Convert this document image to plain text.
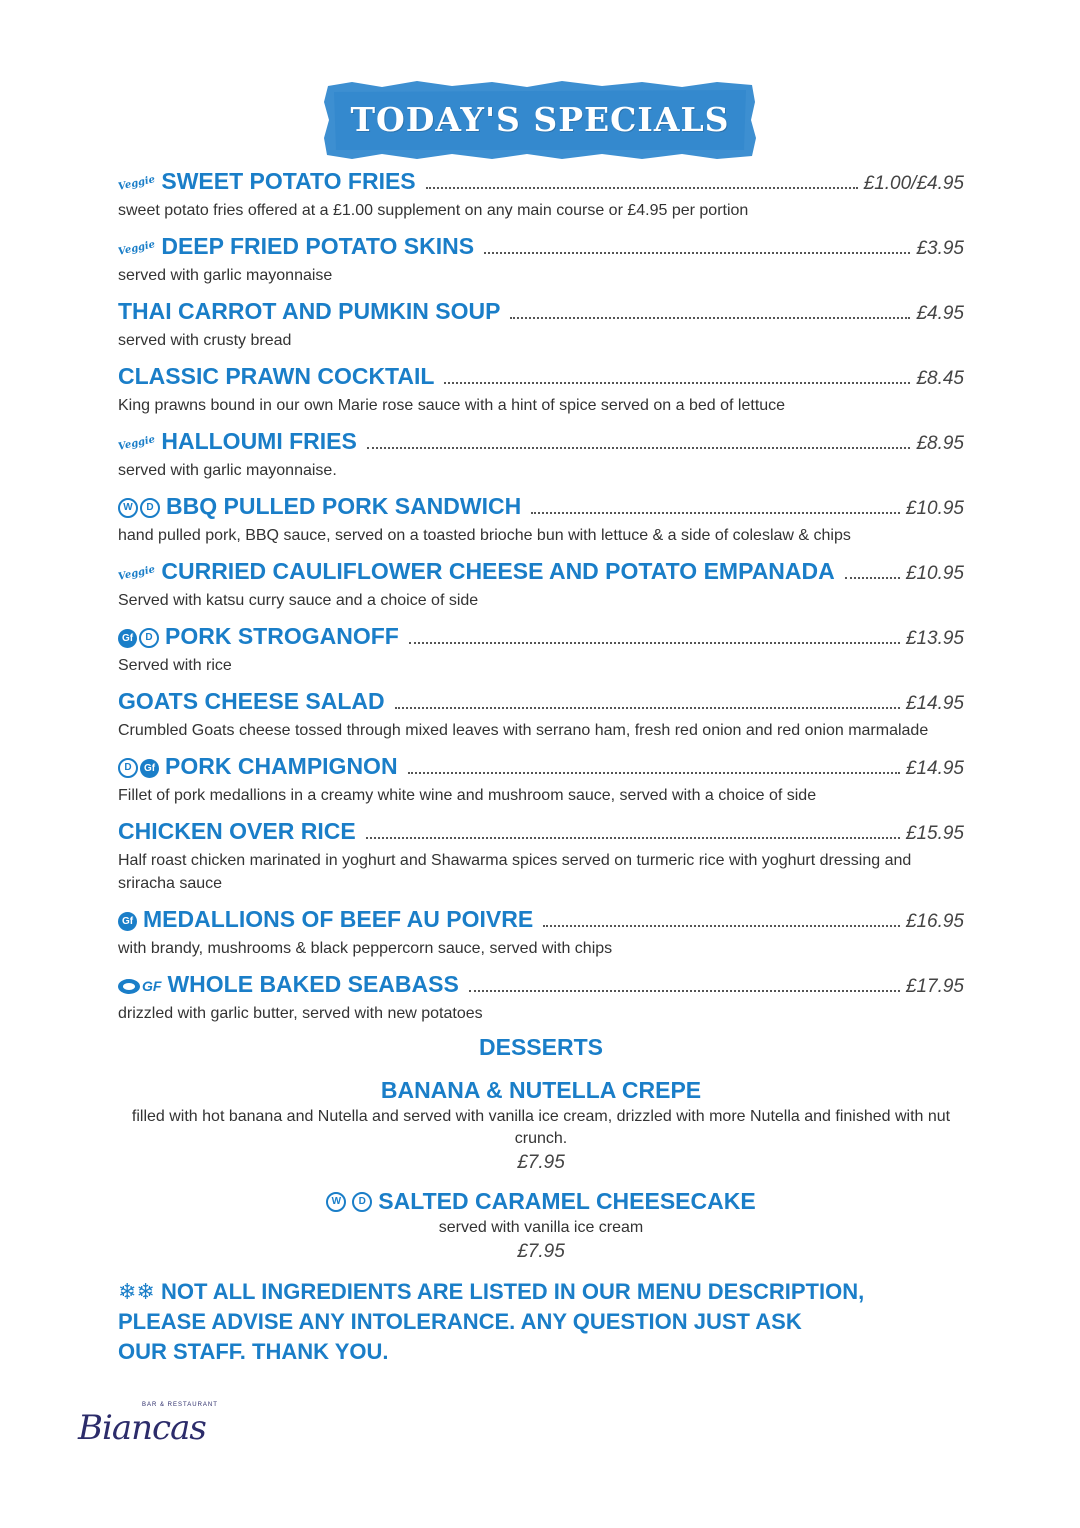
TODAY'S SPECIALS
Veggie SWEET POTATO FRIES	£1.00/£4.95
sweet potato fries offered at a £1.00 supplement on any main course or £4.95 per portion
Veggie DEEP FRIED POTATO SKINS	£3.95
served with garlic mayonnaise
THAI CARROT AND PUMKIN SOUP	£4.95
served with crusty bread
CLASSIC PRAWN COCKTAIL	£8.45
King prawns bound in our own Marie rose sauce with a hint of spice served on a bed of lettuce
Veggie HALLOUMI FRIES	£8.95
served with garlic mayonnaise.
W	D BBQ PULLED PORK SANDWICH	£10.95
hand pulled pork, BBQ sauce, served on a toasted brioche bun with lettuce & a side of coleslaw & chips
Veggie CURRIED CAULIFLOWER CHEESE AND POTATO EMPANADA	£10.95
Served with katsu curry sauce and a choice of side
Gf	D PORK STROGANOFF	£13.95
Served with rice
GOATS CHEESE SALAD	£14.95
Crumbled Goats cheese tossed through mixed leaves with serrano ham, fresh red onion and red onion marmalade
D	Gf PORK CHAMPIGNON	£14.95
Fillet of pork medallions in a creamy white wine and mushroom sauce, served with a choice of side
CHICKEN OVER RICE	£15.95
Half roast chicken marinated in yoghurt and Shawarma spices served on turmeric rice with yoghurt dressing and sriracha sauce
Gf MEDALLIONS OF BEEF AU POIVRE	£16.95
with brandy, mushrooms & black peppercorn sauce, served with chips
GF WHOLE BAKED SEABASS	£17.95
drizzled with garlic butter, served with new potatoes
DESSERTS
BANANA & NUTELLA CREPE
filled with hot banana and Nutella and served with vanilla ice cream, drizzled with more Nutella and finished with nut crunch.
£7.95
W	D SALTED CARAMEL CHEESECAKE
served with vanilla ice cream
£7.95
❄❄ NOT ALL INGREDIENTS ARE LISTED IN OUR MENU DESCRIPTION,
PLEASE ADVISE ANY INTOLERANCE. ANY QUESTION JUST ASK
OUR STAFF. THANK YOU.
BAR & RESTAURANT
Biancas
